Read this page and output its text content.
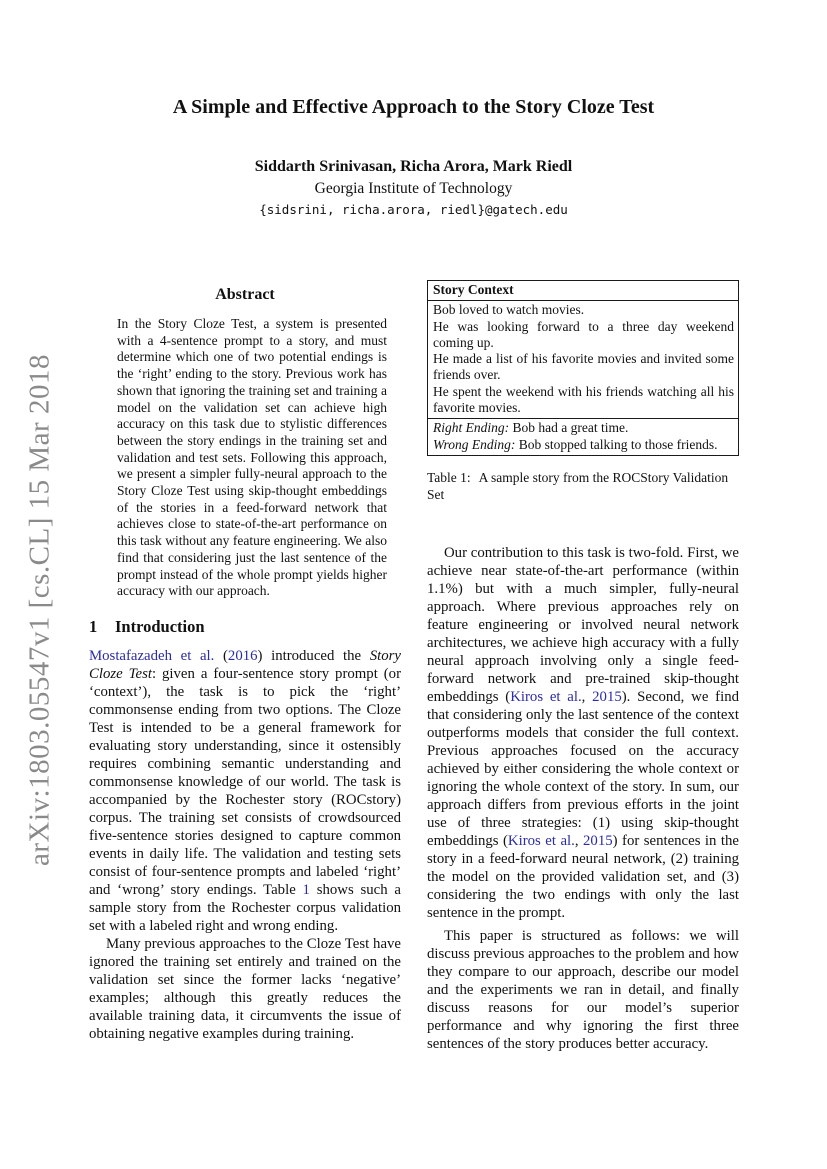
arXiv:1803.05547v1 [cs.CL] 15 Mar 2018
A Simple and Effective Approach to the Story Cloze Test
Siddarth Srinivasan, Richa Arora, Mark Riedl
Georgia Institute of Technology
{sidsrini, richa.arora, riedl}@gatech.edu
Abstract

In the Story Cloze Test, a system is presented with a 4-sentence prompt to a story, and must determine which one of two potential endings is the ‘right’ ending to the story. Previous work has shown that ignoring the training set and training a model on the validation set can achieve high accuracy on this task due to stylistic differences between the story endings in the training set and validation and test sets. Following this approach, we present a simpler fully-neural approach to the Story Cloze Test using skip-thought embeddings of the stories in a feed-forward network that achieves close to state-of-the-art performance on this task without any feature engineering. We also find that considering just the last sentence of the prompt instead of the whole prompt yields higher accuracy with our approach.

1 Introduction

Mostafazadeh et al. (2016) introduced the Story Cloze Test: given a four-sentence story prompt (or ‘context’), the task is to pick the ‘right’ commonsense ending from two options. The Cloze Test is intended to be a general framework for evaluating story understanding, since it ostensibly requires combining semantic understanding and commonsense knowledge of our world. The task is accompanied by the Rochester story (ROCstory) corpus. The training set consists of crowdsourced five-sentence stories designed to capture common events in daily life. The validation and testing sets consist of four-sentence prompts and labeled ‘right’ and ‘wrong’ story endings. Table 1 shows such a sample story from the Rochester corpus validation set with a labeled right and wrong ending.

Many previous approaches to the Cloze Test have ignored the training set entirely and trained on the validation set since the former lacks ‘negative’ examples; although this greatly reduces the available training data, it circumvents the issue of obtaining negative examples during training.

Story Context

Bob loved to watch movies.

He was looking forward to a three day weekend coming up.

He made a list of his favorite movies and invited some friends over.

He spent the weekend with his friends watching all his favorite movies.

Right Ending: Bob had a great time.

Wrong Ending: Bob stopped talking to those friends.

Table 1: A sample story from the ROCStory Validation Set

Our contribution to this task is two-fold. First, we achieve near state-of-the-art performance (within 1.1%) but with a much simpler, fully-neural approach. Where previous approaches rely on feature engineering or involved neural network architectures, we achieve high accuracy with a fully neural approach involving only a single feed-forward network and pre-trained skip-thought embeddings (Kiros et al., 2015). Second, we find that considering only the last sentence of the context outperforms models that consider the full context. Previous approaches focused on the accuracy achieved by either considering the whole context or ignoring the whole context of the story. In sum, our approach differs from previous efforts in the joint use of three strategies: (1) using skip-thought embeddings (Kiros et al., 2015) for sentences in the story in a feed-forward neural network, (2) training the model on the provided validation set, and (3) considering the two endings with only the last sentence in the prompt.

This paper is structured as follows: we will discuss previous approaches to the problem and how they compare to our approach, describe our model and the experiments we ran in detail, and finally discuss reasons for our model’s superior performance and why ignoring the first three sentences of the story produces better accuracy.
